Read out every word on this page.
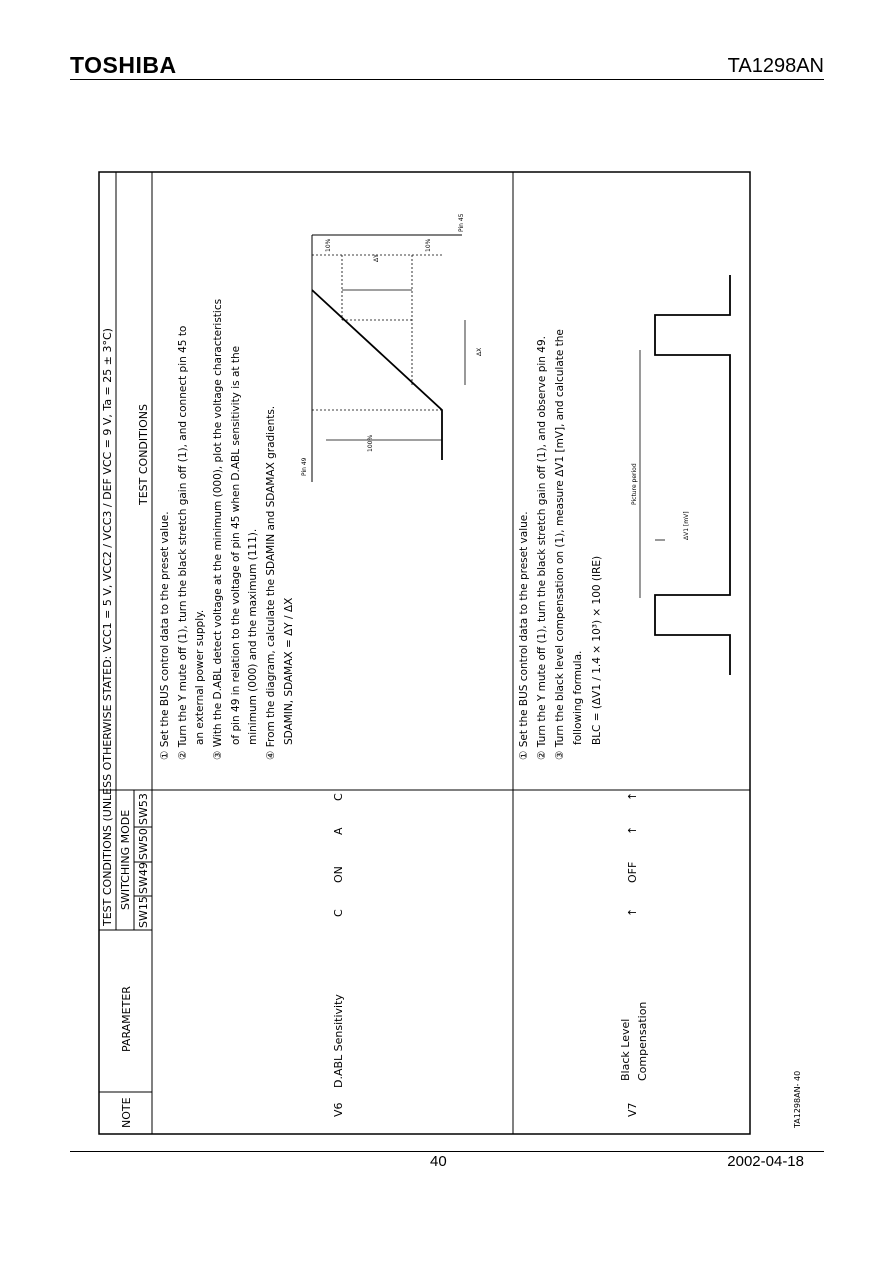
TOSHIBA	TA1298AN
TEST CONDITIONS (UNLESS OTHERWISE STATED: VCC1 = 5 V, VCC2 / VCC3 / DEF VCC = 9 V, Ta = 25 ± 3°C) SWITCHING MODE
NOTE
PARAMETER
TEST CONDITIONS
SW15
SW49
SW50
SW53
V6
D.ABL Sensitivity
C
ON
A
C
① Set the BUS control data to the preset value. ② Turn the Y mute off (1), turn the black stretch gain off (1), and connect pin 45 to an external power supply. ③ With the D.ABL detect voltage at the minimum (000), plot the voltage characteristics of pin 49 in relation to the voltage of pin 45 when D.ABL sensitivity is at the minimum (000) and the maximum (111). ④ From the diagram, calculate the SDAMIN and SDAMAX gradients. SDAMIN, SDAMAX = ΔY / ΔX
Pin 49
100%
10%
ΔY
10%
ΔX
Pin 45
V7
Black Level Compensation
↑
OFF
↑
↑
① Set the BUS control data to the preset value. ② Turn the Y mute off (1), turn the black stretch gain off (1), and observe pin 49. ③ Turn the black level compensation on (1), measure ΔV1 [mV], and calculate the following formula. BLC = (ΔV1 / 1.4 × 10³) × 100 (IRE)
Picture period
ΔV1 [mV]
TA1298AN- 40
40	2002-04-18
